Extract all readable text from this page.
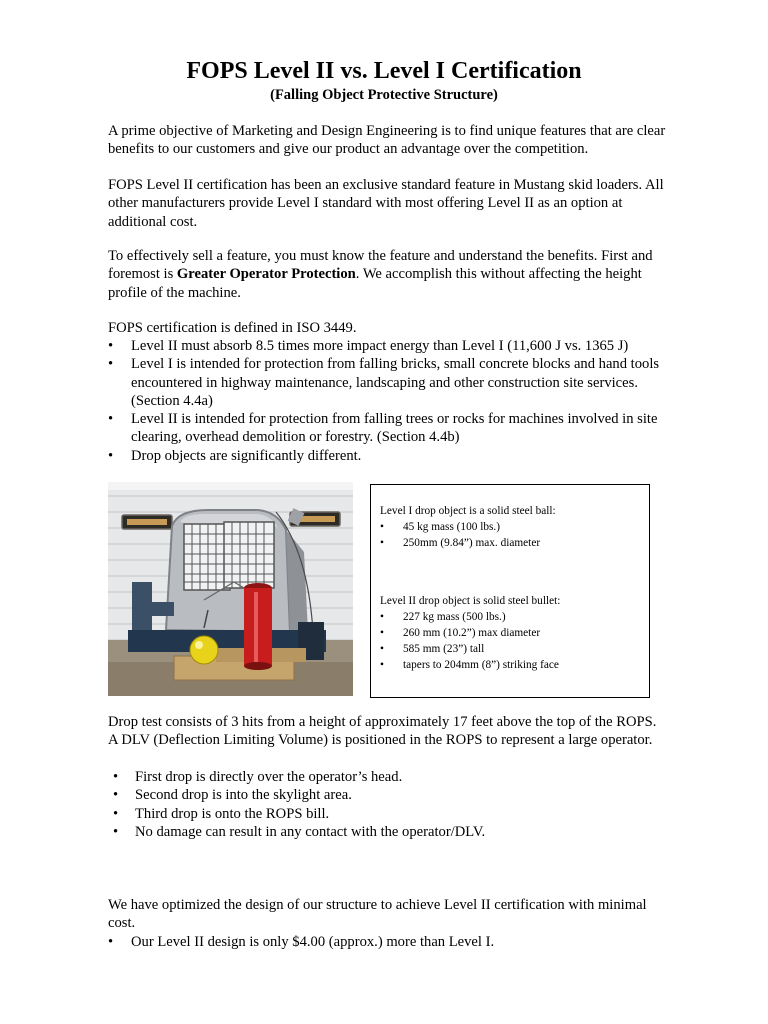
FOPS Level II vs. Level I Certification
(Falling Object Protective Structure)

A prime objective of Marketing and Design Engineering is to find unique features that are clear benefits to our customers and give our product an advantage over the competition.

FOPS Level II certification has been an exclusive standard feature in Mustang skid loaders. All other manufacturers provide Level I standard with most offering Level II as an option at additional cost.

To effectively sell a feature, you must know the feature and understand the benefits. First and foremost is Greater Operator Protection. We accomplish this without affecting the height profile of the machine.

FOPS certification is defined in ISO 3449.

• Level II must absorb 8.5 times more impact energy than Level I (11,600 J vs. 1365 J)
• Level I is intended for protection from falling bricks, small concrete blocks and hand tools encountered in highway maintenance, landscaping and other construction site services. (Section 4.4a)
• Level II is intended for protection from falling trees or rocks for machines involved in site clearing, overhead demolition or forestry. (Section 4.4b)
• Drop objects are significantly different.

Level I drop object is a solid steel ball:

• 45 kg mass (100 lbs.)
• 250mm (9.84”) max. diameter

Level II drop object is solid steel bullet:

• 227 kg mass (500 lbs.)
• 260 mm (10.2”) max diameter
• 585 mm (23”) tall
• tapers to 204mm (8”) striking face

Drop test consists of 3 hits from a height of approximately 17 feet above the top of the ROPS. A DLV (Deflection Limiting Volume) is positioned in the ROPS to represent a large operator.

• First drop is directly over the operator’s head.
• Second drop is into the skylight area.
• Third drop is onto the ROPS bill.
• No damage can result in any contact with the operator/DLV.

We have optimized the design of our structure to achieve Level II certification with minimal cost.

• Our Level II design is only $4.00 (approx.) more than Level I.
